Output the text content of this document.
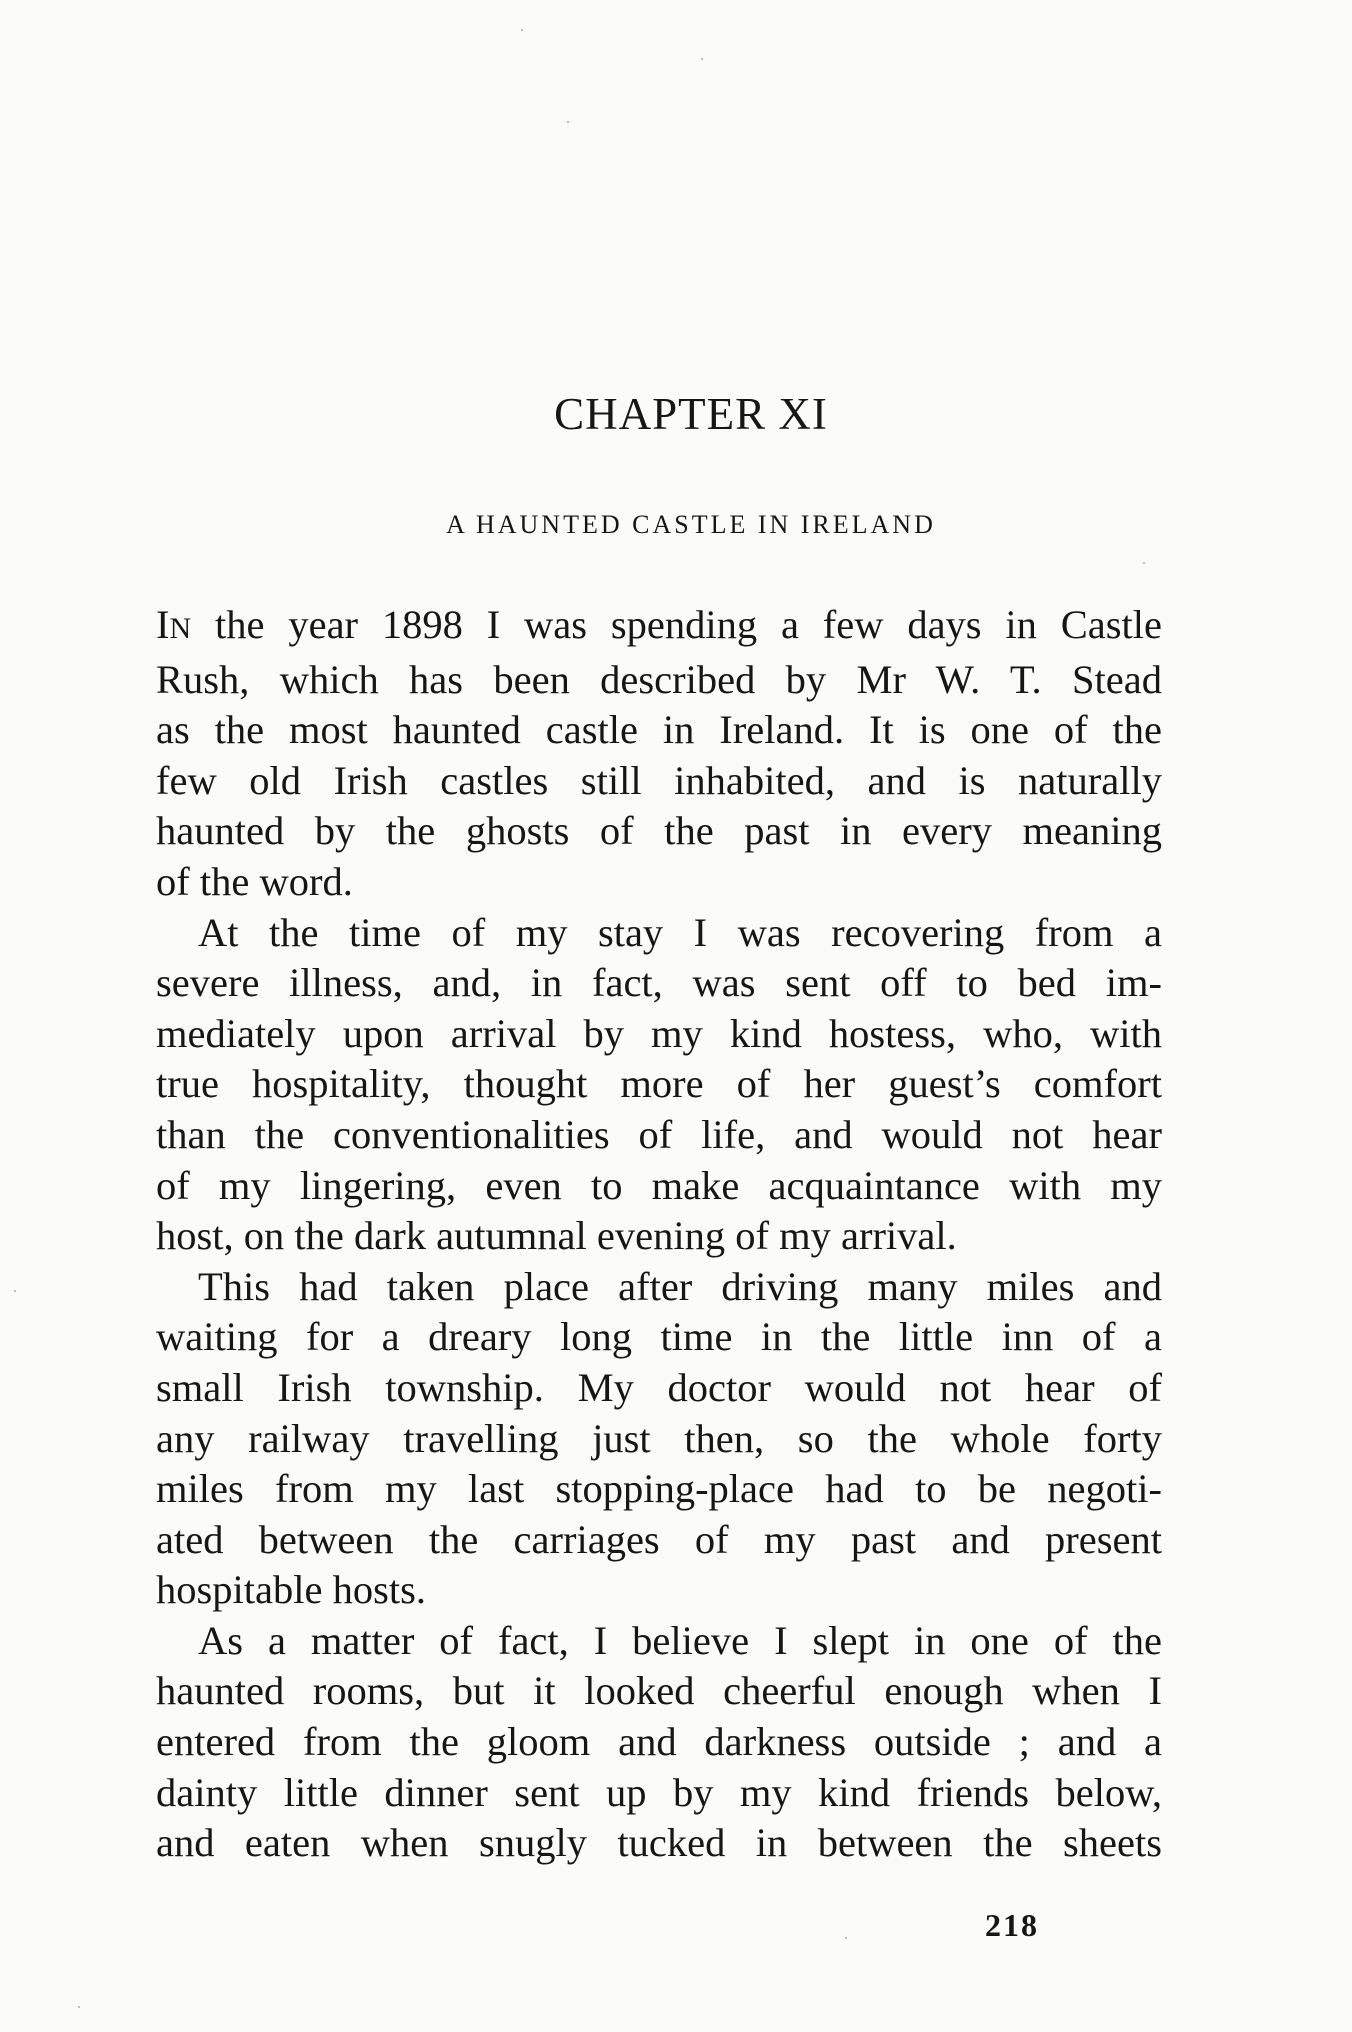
CHAPTER XI
A HAUNTED CASTLE IN IRELAND

IN the year 1898 I was spending a few days in Castle
Rush, which has been described by Mr W. T. Stead
as the most haunted castle in Ireland. It is one of the
few old Irish castles still inhabited, and is naturally
haunted by the ghosts of the past in every meaning
of the word.

At the time of my stay I was recovering from a
severe illness, and, in fact, was sent off to bed im-
mediately upon arrival by my kind hostess, who, with
true hospitality, thought more of her guest’s comfort
than the conventionalities of life, and would not hear
of my lingering, even to make acquaintance with my
host, on the dark autumnal evening of my arrival.

This had taken place after driving many miles and
waiting for a dreary long time in the little inn of a
small Irish township. My doctor would not hear of
any railway travelling just then, so the whole forty
miles from my last stopping-place had to be negoti-
ated between the carriages of my past and present
hospitable hosts.

As a matter of fact, I believe I slept in one of the
haunted rooms, but it looked cheerful enough when I
entered from the gloom and darkness outside ; and a
dainty little dinner sent up by my kind friends below,
and eaten when snugly tucked in between the sheets

218
